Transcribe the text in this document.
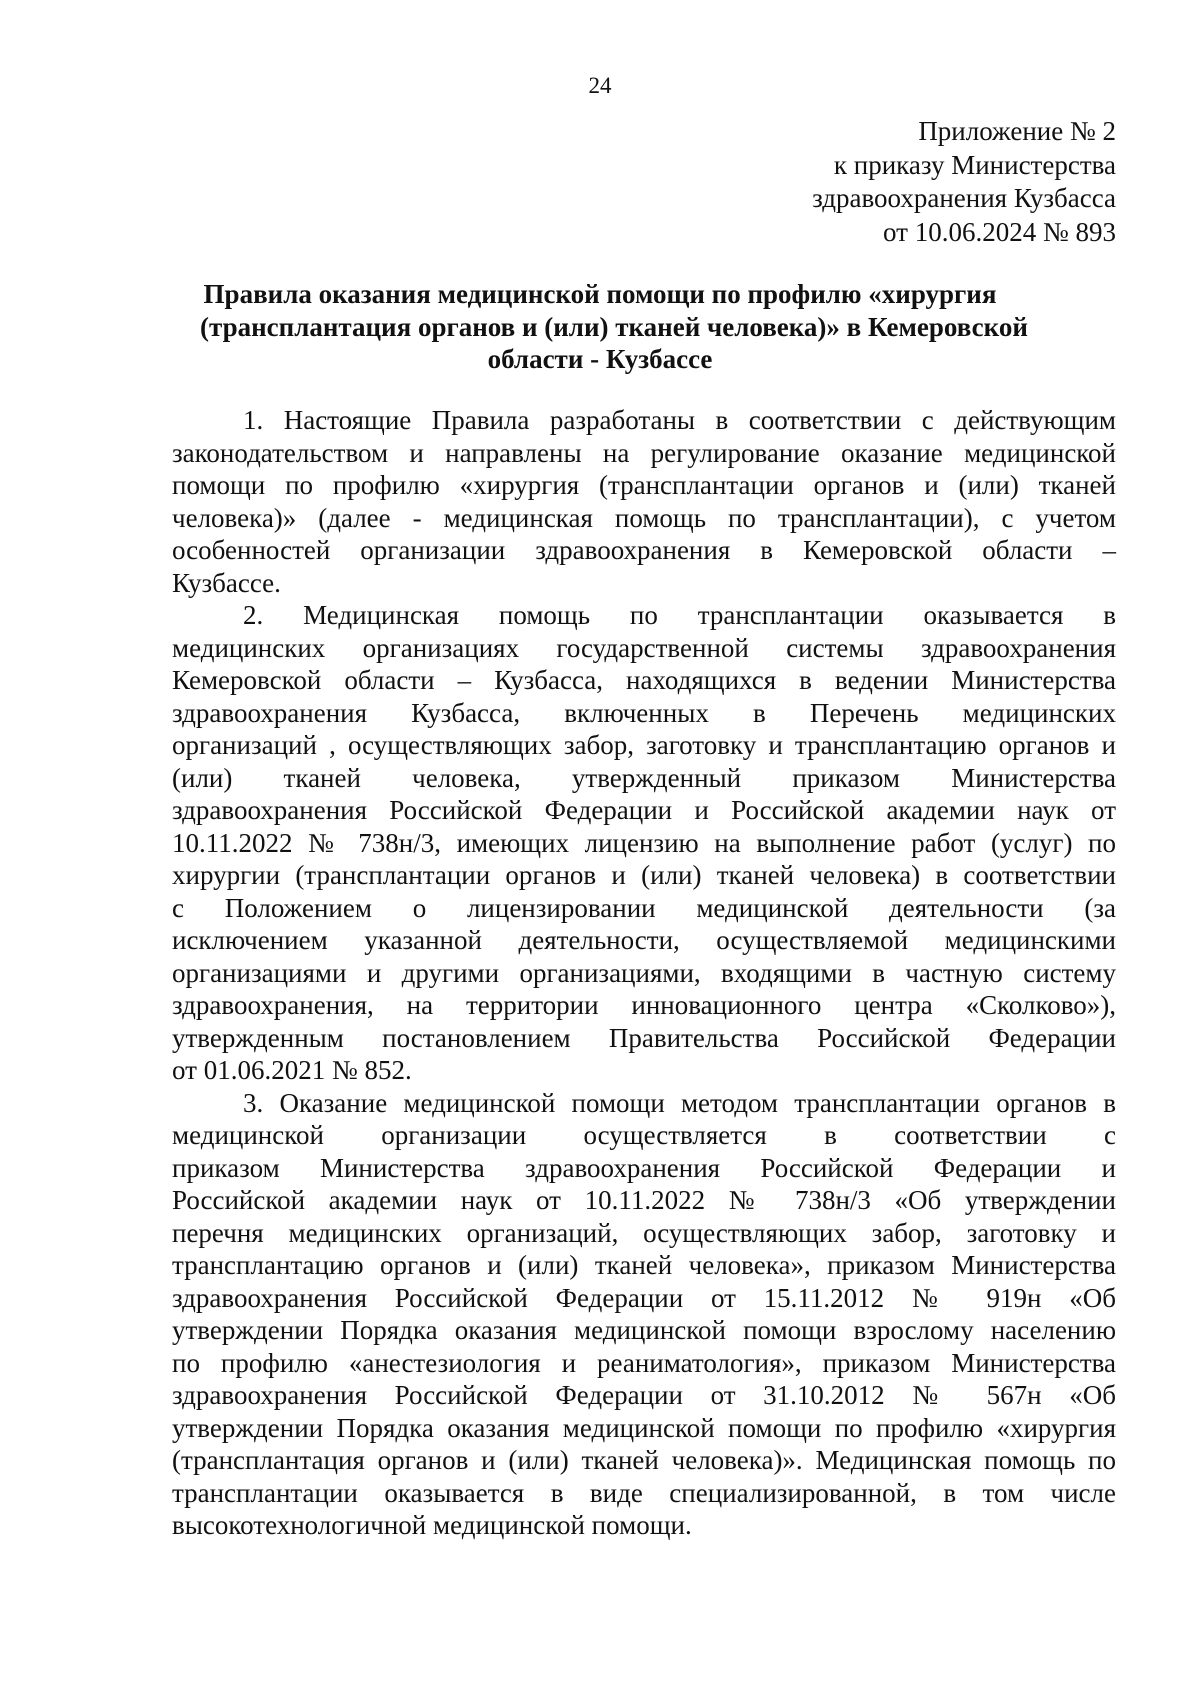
24
Приложение № 2
к приказу Министерства
здравоохранения Кузбасса
от 10.06.2024 № 893
Правила оказания медицинской помощи по профилю «хирургия
(трансплантация органов и (или) тканей человека)» в Кемеровской
области - Кузбассе
1. Настоящие Правила разработаны в соответствии с действующим
законодательством и направлены на регулирование оказание медицинской
помощи по профилю «хирургия (трансплантации органов и (или) тканей
человека)» (далее - медицинская помощь по трансплантации), с учетом
особенностей организации здравоохранения в Кемеровской области –
Кузбассе.
2. Медицинская помощь по трансплантации оказывается в
медицинских организациях государственной системы здравоохранения
Кемеровской области – Кузбасса, находящихся в ведении Министерства
здравоохранения Кузбасса, включенных в Перечень медицинских
организаций , осуществляющих забор, заготовку и трансплантацию органов и
(или) тканей человека, утвержденный приказом Министерства
здравоохранения Российской Федерации и Российской академии наук от
10.11.2022 № 738н/3, имеющих лицензию на выполнение работ (услуг) по
хирургии (трансплантации органов и (или) тканей человека) в соответствии
с Положением о лицензировании медицинской деятельности (за
исключением указанной деятельности, осуществляемой медицинскими
организациями и другими организациями, входящими в частную систему
здравоохранения, на территории инновационного центра «Сколково»),
утвержденным постановлением Правительства Российской Федерации
от 01.06.2021 № 852.
3. Оказание медицинской помощи методом трансплантации органов в
медицинской организации осуществляется в соответствии с
приказом Министерства здравоохранения Российской Федерации и
Российской академии наук от 10.11.2022 № 738н/3 «Об утверждении
перечня медицинских организаций, осуществляющих забор, заготовку и
трансплантацию органов и (или) тканей человека», приказом Министерства
здравоохранения Российской Федерации от 15.11.2012 № 919н «Об
утверждении Порядка оказания медицинской помощи взрослому населению
по профилю «анестезиология и реаниматология», приказом Министерства
здравоохранения Российской Федерации от 31.10.2012 № 567н «Об
утверждении Порядка оказания медицинской помощи по профилю «хирургия
(трансплантация органов и (или) тканей человека)». Медицинская помощь по
трансплантации оказывается в виде специализированной, в том числе
высокотехнологичной медицинской помощи.
